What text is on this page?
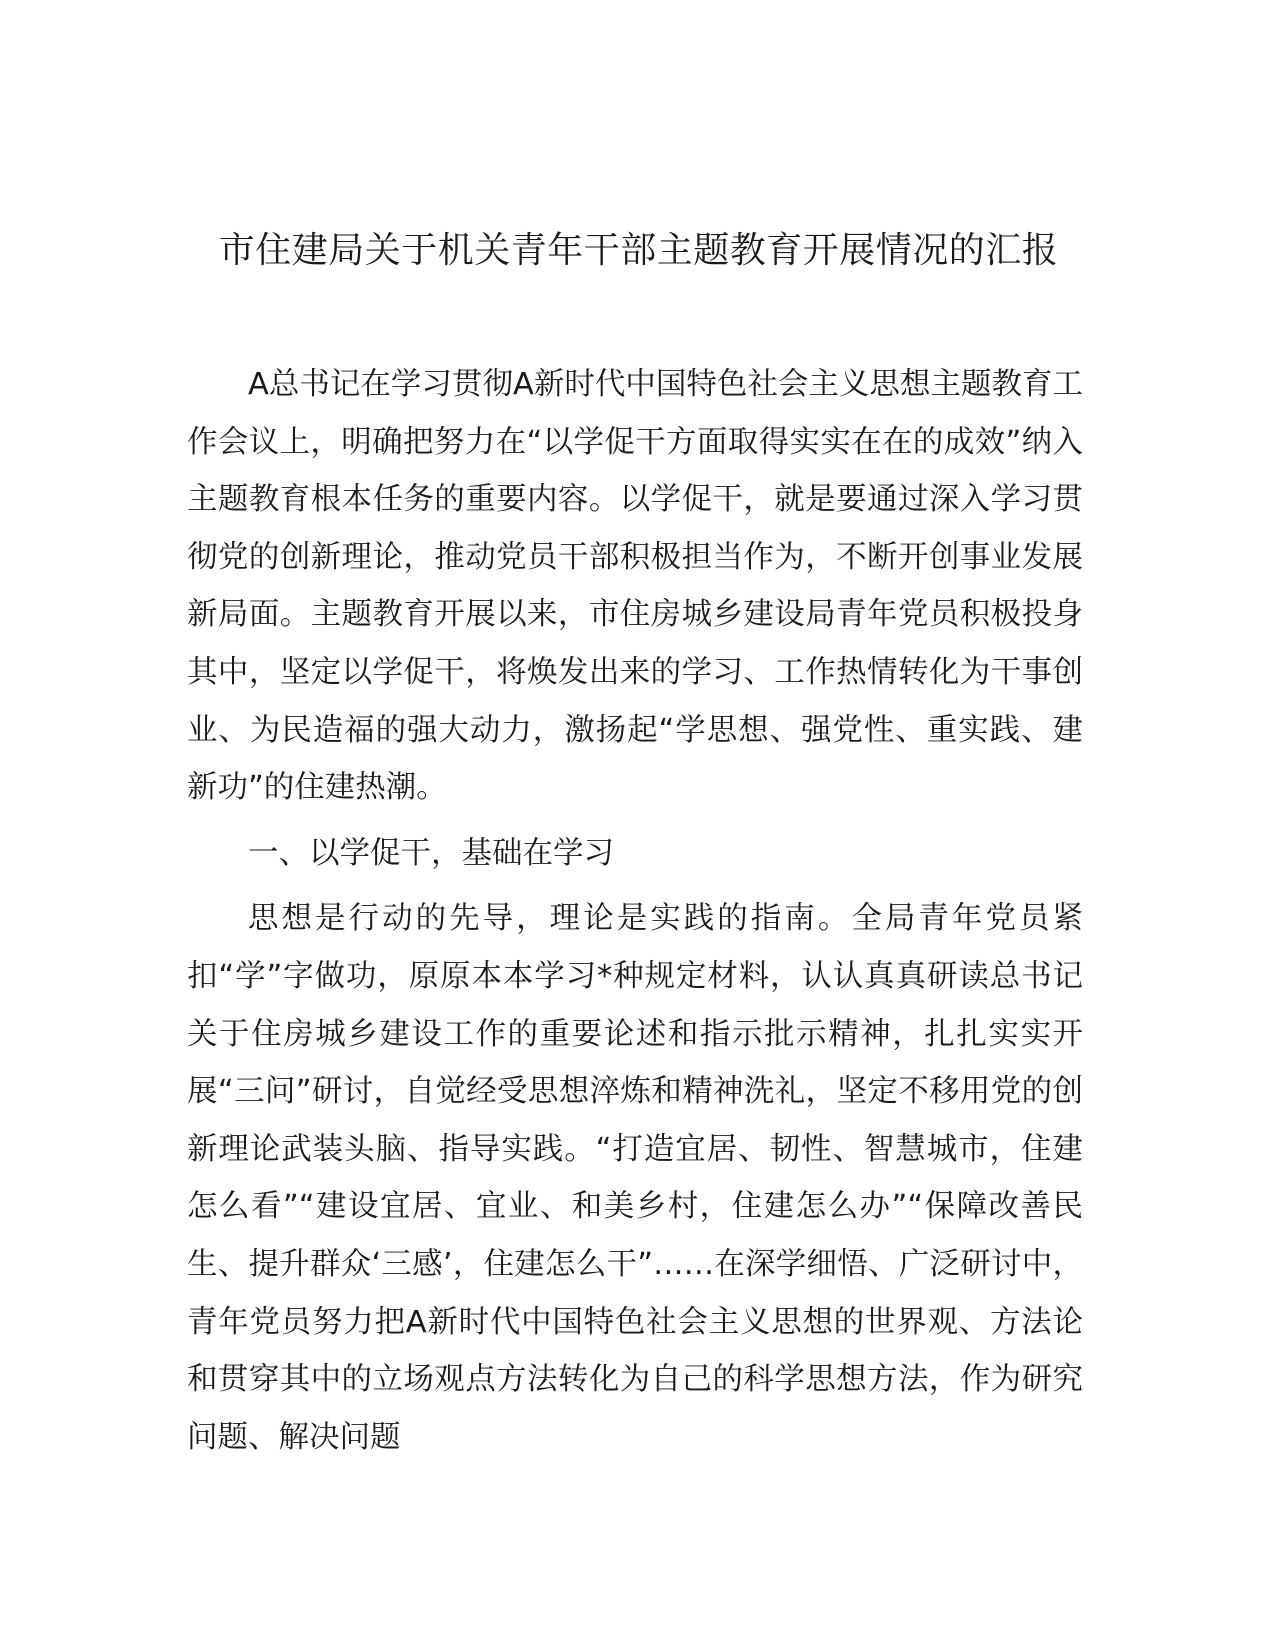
市住建局关于机关青年干部主题教育开展情况的汇报

A总书记在学习贯彻A新时代中国特色社会主义思想主题教育工作会议上，明确把努力在“以学促干方面取得实实在在的成效”纳入主题教育根本任务的重要内容。以学促干，就是要通过深入学习贯彻党的创新理论，推动党员干部积极担当作为，不断开创事业发展新局面。主题教育开展以来，市住房城乡建设局青年党员积极投身其中，坚定以学促干，将焕发出来的学习、工作热情转化为干事创业、为民造福的强大动力，激扬起“学思想、强党性、重实践、建新功”的住建热潮。

一、以学促干，基础在学习

思想是行动的先导，理论是实践的指南。全局青年党员紧扣“学”字做功，原原本本学习*种规定材料，认认真真研读总书记关于住房城乡建设工作的重要论述和指示批示精神，扎扎实实开展“三问”研讨，自觉经受思想淬炼和精神洗礼，坚定不移用党的创新理论武装头脑、指导实践。“打造宜居、韧性、智慧城市，住建怎么看”“建设宜居、宜业、和美乡村，住建怎么办”“保障改善民生、提升群众‘三感’，住建怎么干”……在深学细悟、广泛研讨中，青年党员努力把A新时代中国特色社会主义思想的世界观、方法论和贯穿其中的立场观点方法转化为自己的科学思想方法，作为研究问题、解决问题
